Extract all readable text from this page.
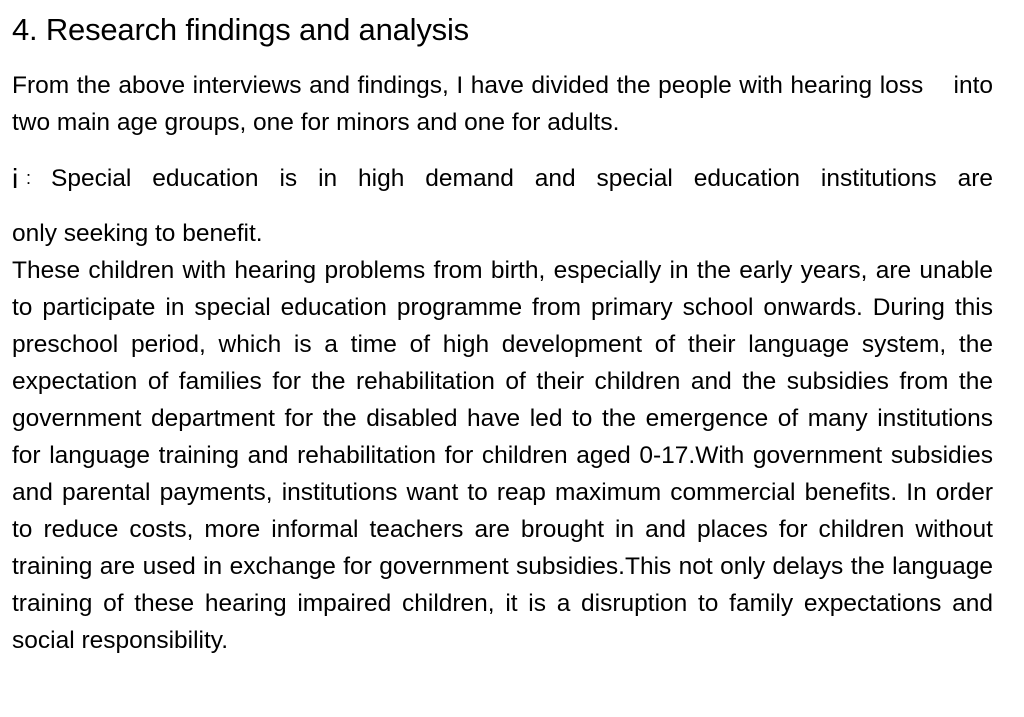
4. Research findings and analysis

From the above interviews and findings, I have divided the people with hearing loss    into two main age groups, one for minors and one for adults.

i : Special education is in high demand and special education institutions are
only seeking to benefit.

These children with hearing problems from birth, especially in the early years, are unable to participate in special education programme from primary school onwards. During this preschool period, which is a time of high development of their language system, the expectation of families for the rehabilitation of their children and the subsidies from the government department for the disabled have led to the emergence of many institutions for language training and rehabilitation for children aged 0-17.With government subsidies and parental payments, institutions want to reap maximum commercial benefits. In order to reduce costs, more informal teachers are brought in and places for children without training are used in exchange for government subsidies.This not only delays the language training of these hearing impaired children, it is a disruption to family expectations and social responsibility.
